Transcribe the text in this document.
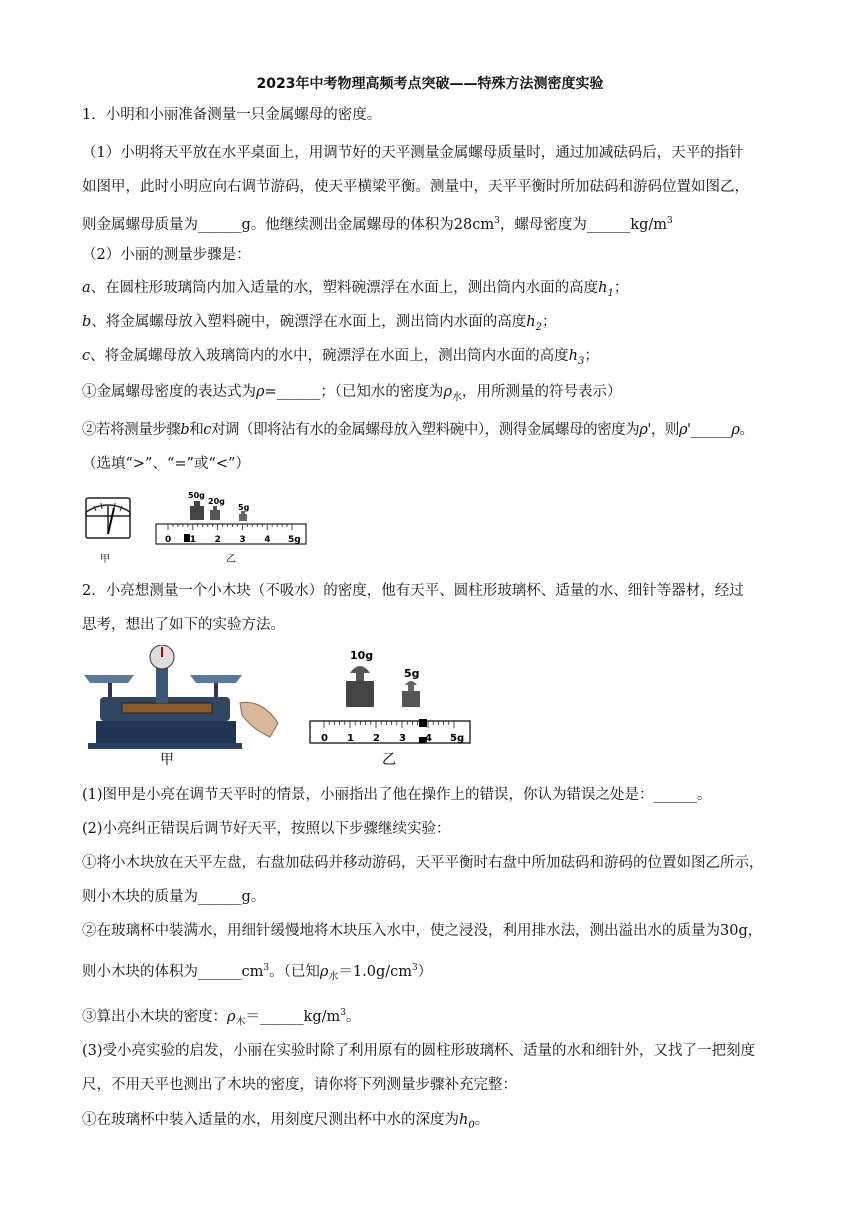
2023年中考物理高频考点突破——特殊方法测密度实验
1．小明和小丽准备测量一只金属螺母的密度。
（1）小明将天平放在水平桌面上，用调节好的天平测量金属螺母质量时，通过加减砝码后，天平的指针
如图甲，此时小明应向右调节游码，使天平横梁平衡。测量中，天平平衡时所加砝码和游码位置如图乙，
则金属螺母质量为______g。他继续测出金属螺母的体积为$28cm^3$，螺母密度为$\_\_\_\_\_\_kg/m^3$
（2）小丽的测量步骤是：
a、在圆柱形玻璃筒内加入适量的水，塑料碗漂浮在水面上，测出筒内水面的高度$h_1$；
b、将金属螺母放入塑料碗中，碗漂浮在水面上，测出筒内水面的高度$h_2$；
c、将金属螺母放入玻璃筒内的水中，碗漂浮在水面上，测出筒内水面的高度$h_3$；
①金属螺母密度的表达式为ρ=______；（已知水的密度为$\rho_水$，用所测量的符号表示）
②若将测量步骤b和c对调（即将沾有水的金属螺母放入塑料碗中），测得金属螺母的密度为ρ'，则ρ'______ρ。
（选填“>”、“=”或“<”）
甲
50g
20g
5g
0 1 2 3 4 5g
乙
2．小亮想测量一个小木块（不吸水）的密度，他有天平、圆柱形玻璃杯、适量的水、细针等器材，经过
思考，想出了如下的实验方法。
甲
10g
5g
0 1 2 3 4 5g
乙
(1)图甲是小亮在调节天平时的情景，小丽指出了他在操作上的错误，你认为错误之处是：______。
(2)小亮纠正错误后调节好天平，按照以下步骤继续实验：
①将小木块放在天平左盘，右盘加砝码并移动游码，天平平衡时右盘中所加砝码和游码的位置如图乙所示，
则小木块的质量为______g。
②在玻璃杯中装满水，用细针缓慢地将木块压入水中，使之浸没，利用排水法，测出溢出水的质量为30g，
则小木块的体积为$\_\_\_\_\_\_cm^3$。（已知$\rho_水=1.0g/cm^3$）
③算出小木块的密度：$\rho_木=\_\_\_\_\_\_kg/m^3$。
(3)受小亮实验的启发，小丽在实验时除了利用原有的圆柱形玻璃杯、适量的水和细针外，又找了一把刻度
尺，不用天平也测出了木块的密度，请你将下列测量步骤补充完整：
①在玻璃杯中装入适量的水，用刻度尺测出杯中水的深度为$h_0$。
